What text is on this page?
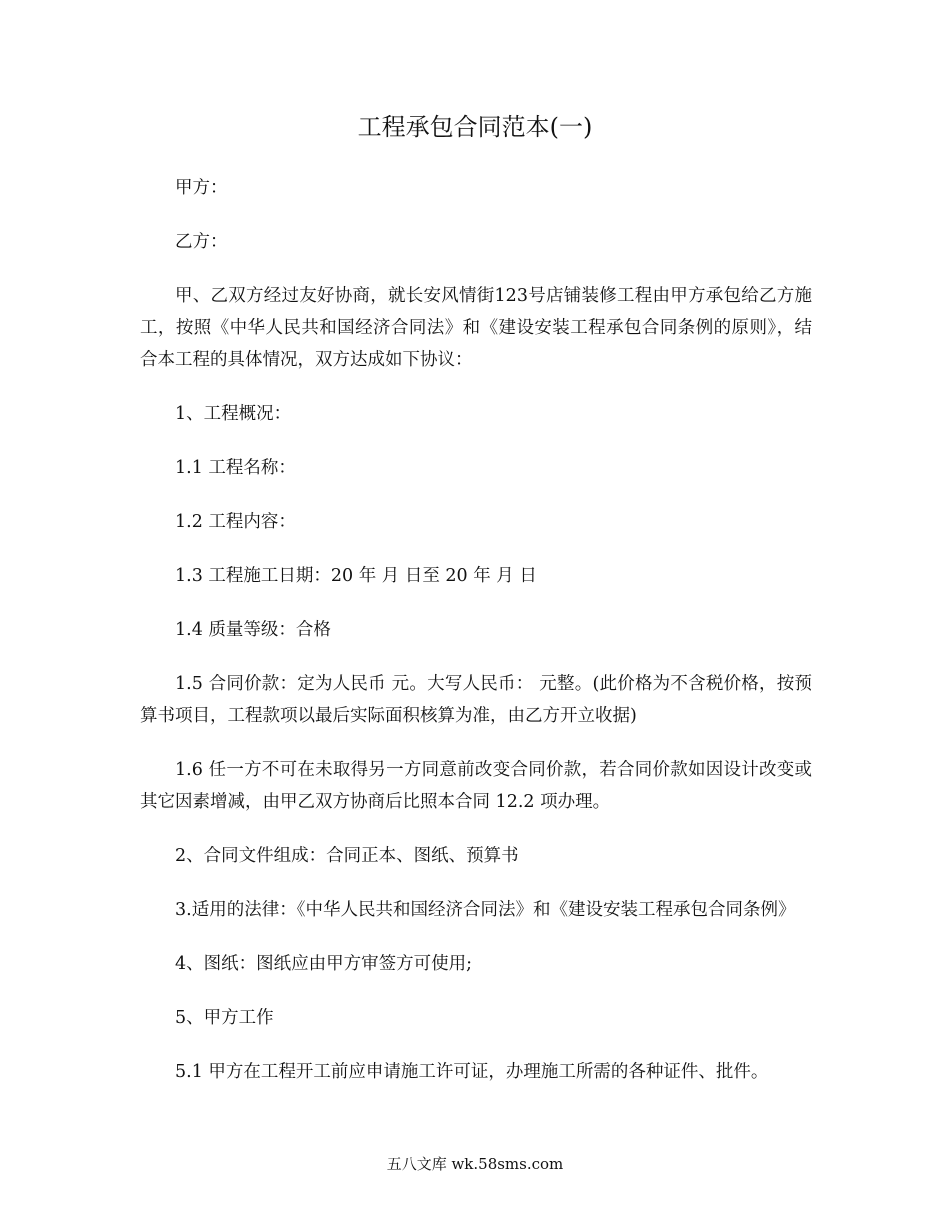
工程承包合同范本(一)

甲方：

乙方：

甲、乙双方经过友好协商，就长安风情街123号店铺装修工程由甲方承包给乙方施工，按照《中华人民共和国经济合同法》和《建设安装工程承包合同条例的原则》，结合本工程的具体情况，双方达成如下协议：

1、工程概况：

1.1 工程名称：

1.2 工程内容：

1.3 工程施工日期：20 年 月 日至 20 年 月 日

1.4 质量等级：合格

1.5 合同价款：定为人民币 元。大写人民币： 元整。(此价格为不含税价格，按预算书项目，工程款项以最后实际面积核算为准，由乙方开立收据)

1.6 任一方不可在未取得另一方同意前改变合同价款，若合同价款如因设计改变或其它因素增减，由甲乙双方协商后比照本合同 12.2 项办理。

2、合同文件组成：合同正本、图纸、预算书

3.适用的法律：《中华人民共和国经济合同法》和《建设安装工程承包合同条例》

4、图纸：图纸应由甲方审签方可使用;

5、甲方工作

5.1 甲方在工程开工前应申请施工许可证，办理施工所需的各种证件、批件。

五八文库 wk.58sms.com
